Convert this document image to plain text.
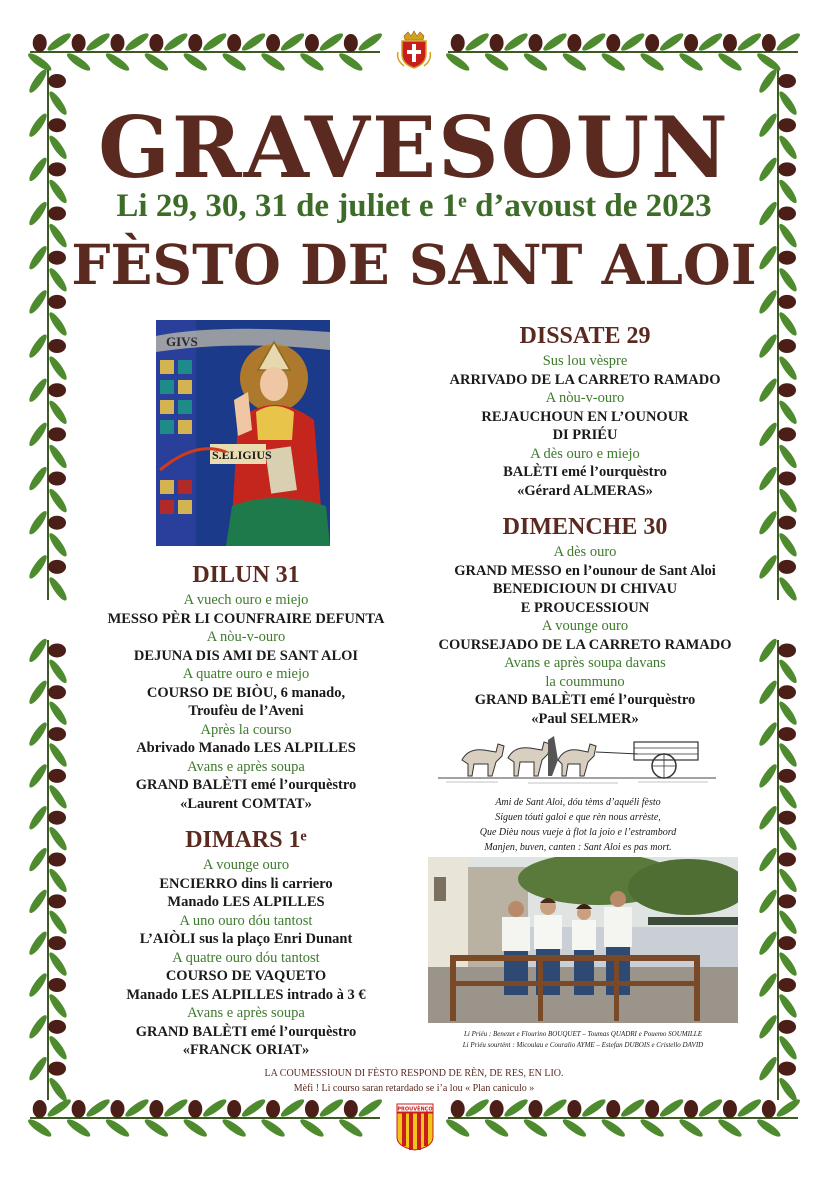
GRAVESOUN
Li 29, 30, 31 de juliet e 1ᵉ d’avoust de 2023
FÈSTO DE SANT ALOI
GIVS
S.ELIGIUS
DISSATE 29
Sus lou vèspre
ARRIVADO DE LA CARRETO RAMADO
A nòu-v-ouro
REJAUCHOUN EN L’OUNOUR
DI PRIÉU
A dès ouro e miejo
BALÈTI emé l’ourquèstro
«Gérard ALMERAS»
DIMENCHE 30
A dès ouro
GRAND MESSO en l’ounour de Sant Aloi
BENEDICIOUN DI CHIVAU
E PROUCESSIOUN
A vounge ouro
COURSEJADO DE LA CARRETO RAMADO
Avans e après soupa davans
la coummuno
GRAND BALÈTI emé l’ourquèstro
«Paul SELMER»
DILUN 31
A vuech ouro e miejo
MESSO PÈR LI COUNFRAIRE DEFUNTA
A nòu-v-ouro
DEJUNA DIS AMI DE SANT ALOI
A quatre ouro e miejo
COURSO DE BIÒU, 6 manado,
Troufèu de l’Aveni
Après la courso
Abrivado Manado LES ALPILLES
Avans e après soupa
GRAND BALÈTI emé l’ourquèstro
«Laurent COMTAT»
DIMARS 1ᵉ
A vounge ouro
ENCIERRO dins li carriero
Manado LES ALPILLES
A uno ouro dóu tantost
L’AIÒLI sus la plaço Enri Dunant
A quatre ouro dóu tantost
COURSO DE VAQUETO
Manado LES ALPILLES intrado à 3 €
Avans e après soupa
GRAND BALÈTI emé l’ourquèstro
«FRANCK ORIAT»
Ami de Sant Aloi, dóu tèms d’aquéli fèsto
Siguen tóuti galoi e que rèn nous arrèste,
Que Dièu nous vueje à flot la joio e l’estrambord
Manjen, buven, canten : Sant Aloi es pas mort.
Li Priéu : Benezet e Flourino BOUQUET – Toumas QUADRI e Pouemo SOUMILLE
Li Priéu sourtènt : Micoulau e Couralio AYME – Estefan DUBOIS e Cristello DAVID
LA COUMESSIOUN DI FÈSTO RESPOND DE RÈN, DE RES, EN LIO.
Mèfi ! Li courso saran retardado se i’a lou « Plan caniculo »
PROUVÈNÇO
